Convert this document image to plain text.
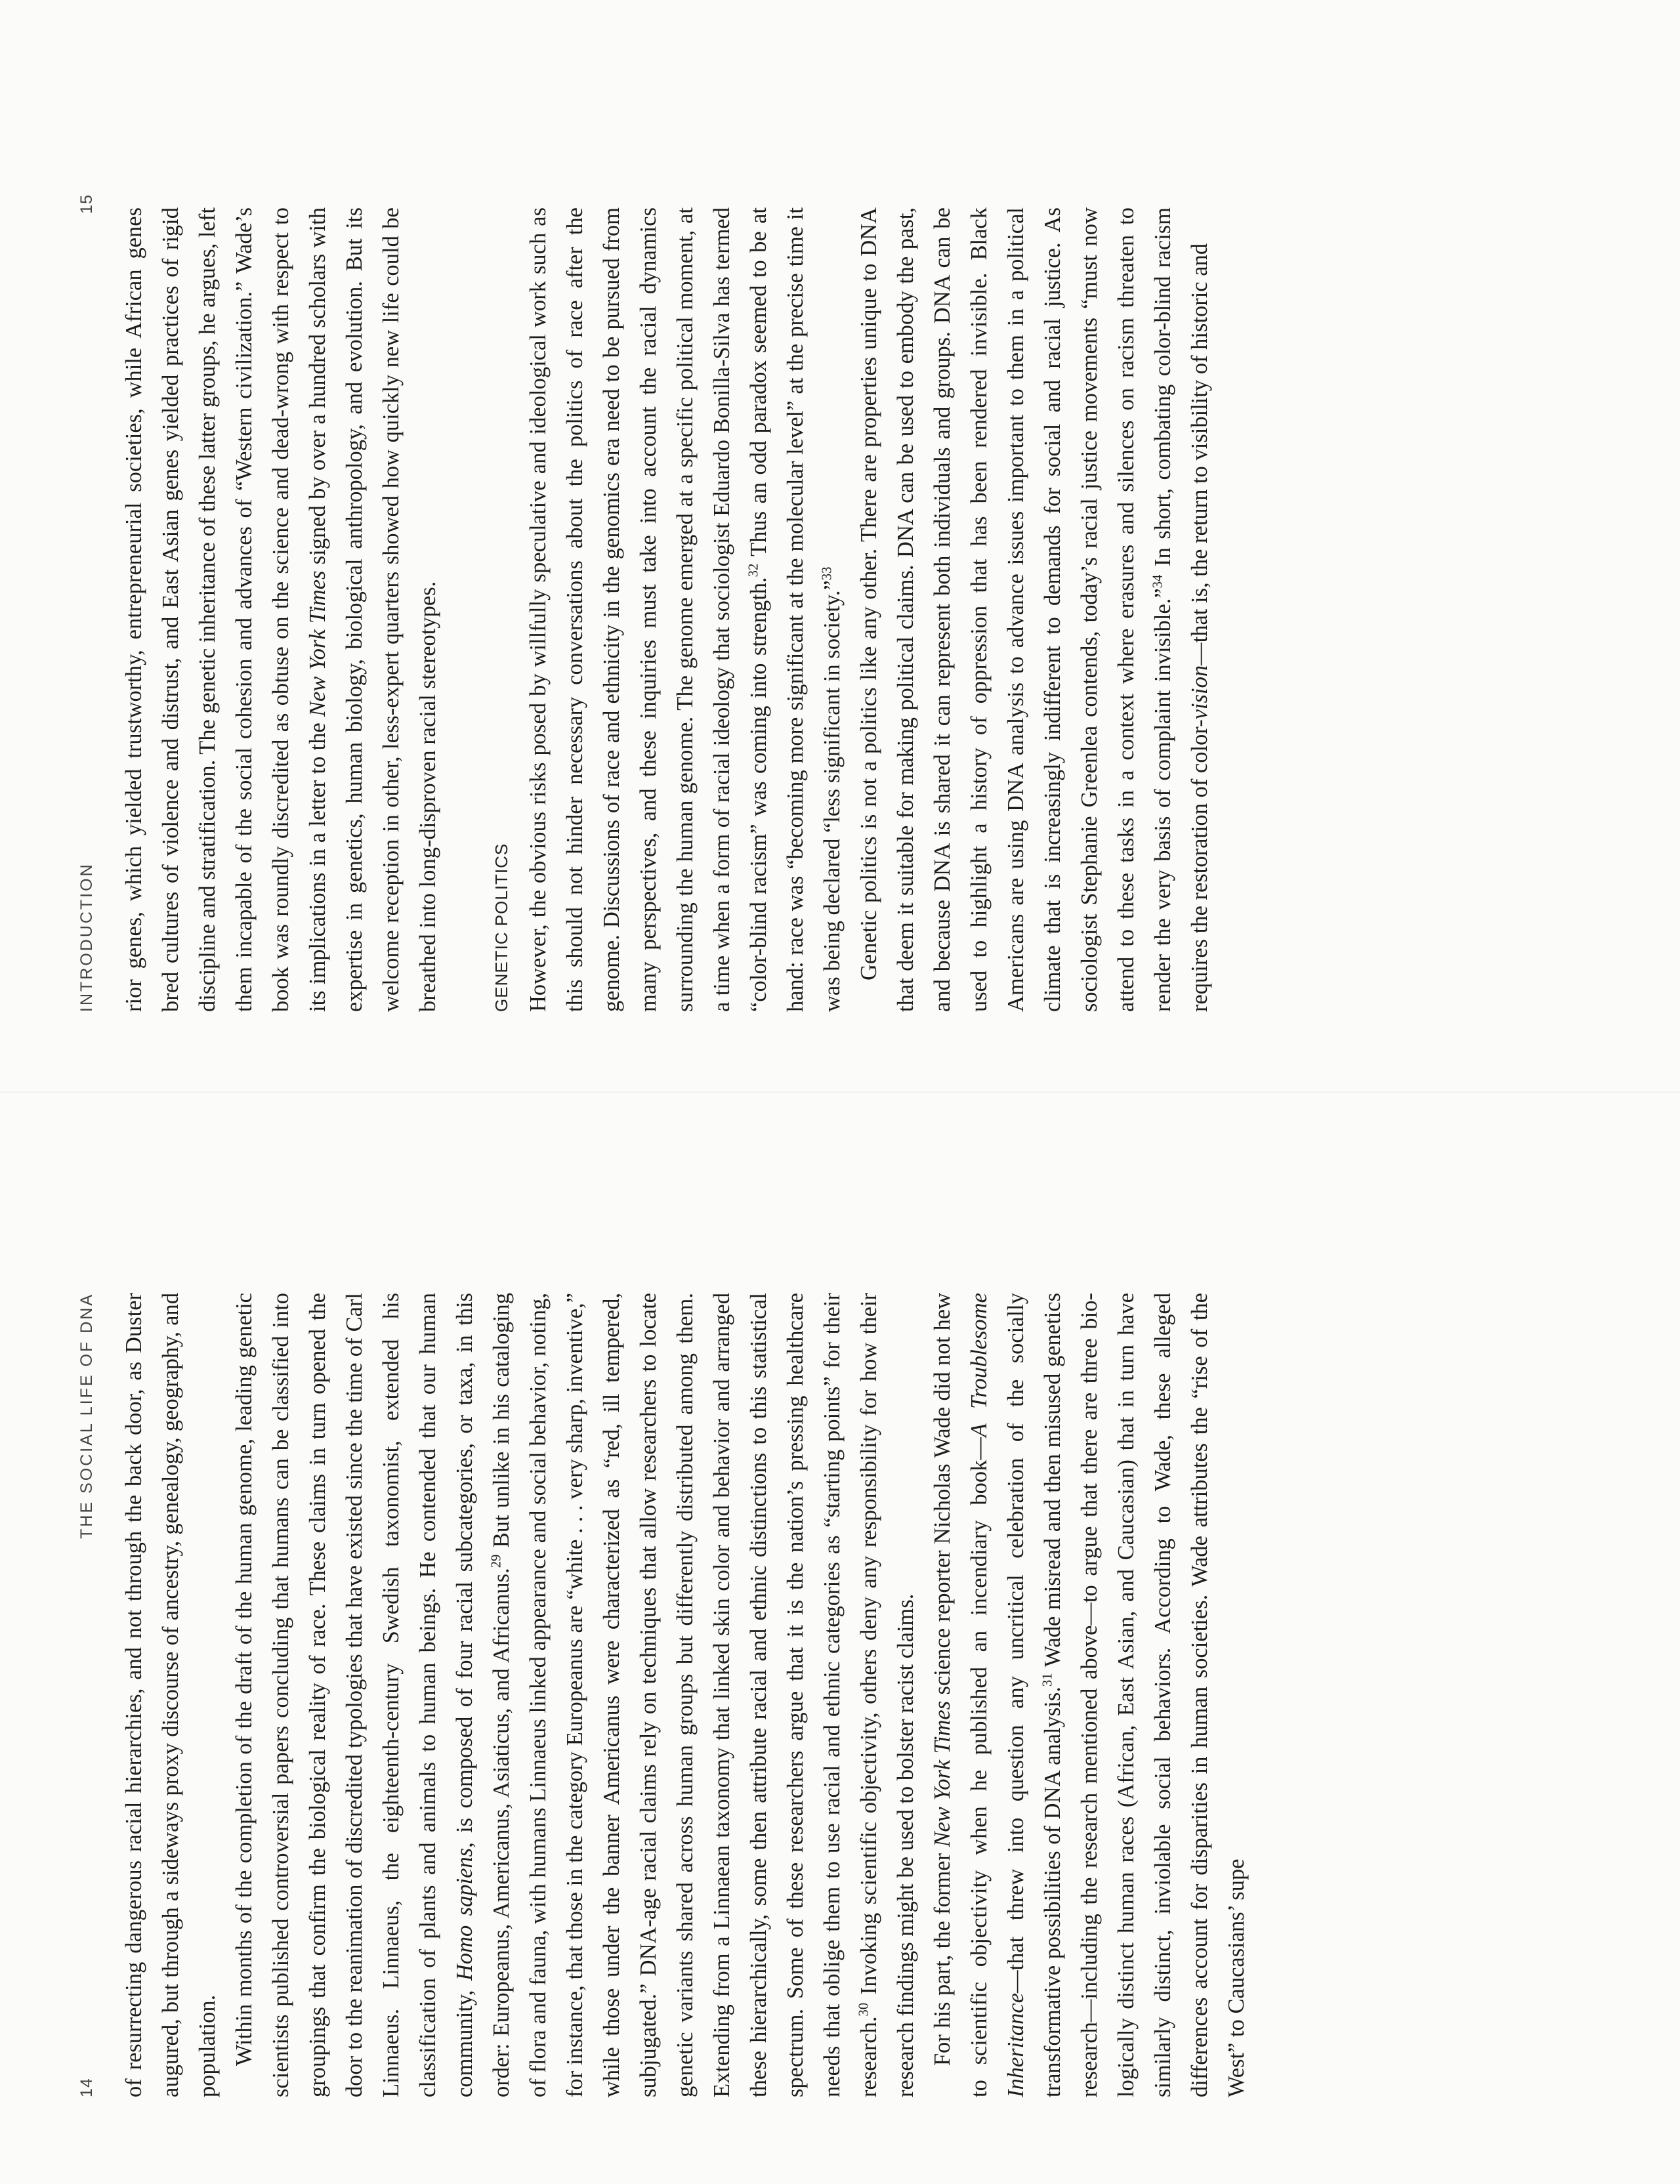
14
THE SOCIAL LIFE OF DNA of resurrecting dangerous racial hierarchies, and not through the back door, as Duster augured, but through a sideways proxy discourse of ancestry, genealogy, geography, and population. Within months of the completion of the draft of the human genome, leading genetic scientists published controversial papers concluding that humans can be classified into groupings that confirm the biological reality of race. These claims in turn opened the door to the reanimation of discredited typologies that have existed since the time of Carl Linnaeus. Linnaeus, the eighteenth-century Swedish taxonomist, extended his classification of plants and animals to human beings. He contended that our human community, Homo sapiens, is composed of four racial subcategories, or taxa, in this order: Europeanus, Americanus, Asiaticus, and Africanus.$^{29}$ But unlike in his cataloging of flora and fauna, with humans Linnaeus linked appearance and social behavior, noting, for instance, that those in the category Europeanus are “white . . . very sharp, inventive,” while those under the banner Americanus were characterized as “red, ill tempered, subjugated.” DNA-age racial claims rely on techniques that allow researchers to locate genetic variants shared across human groups but differently distributed among them. Extending from a Linnaean taxonomy that linked skin color and behavior and arranged these hierarchically, some then attribute racial and ethnic distinctions to this statistical spectrum. Some of these researchers argue that it is the nation’s pressing healthcare needs that oblige them to use racial and ethnic categories as “starting points” for their research.$^{30}$ Invoking scientific objectivity, others deny any responsibility for how their research findings might be used to bolster racist claims. For his part, the former New York Times science reporter Nicholas Wade did not hew to scientific objectivity when he published an incendiary book—A Troublesome Inheritance—that threw into question any uncritical celebration of the socially transformative possibilities of DNA analysis.$^{31}$ Wade misread and then misused genetics research—including the research mentioned above—to argue that there are three biologically distinct human races (African, East Asian, and Caucasian) that in turn have similarly distinct, inviolable social behaviors. According to Wade, these alleged differences account for disparities in human societies. Wade attributes the “rise of the West” to Caucasians’ supe

INTRODUCTION
15

rior genes, which yielded trustworthy, entrepreneurial societies, while African genes bred cultures of violence and distrust, and East Asian genes yielded practices of rigid discipline and stratification. The genetic inheritance of these latter groups, he argues, left them incapable of the social cohesion and advances of “Western civilization.” Wade’s book was roundly discredited as obtuse on the science and dead-wrong with respect to its implications in a letter to the New York Times signed by over a hundred scholars with expertise in genetics, human biology, biological anthropology, and evolution. But its welcome reception in other, less-expert quarters showed how quickly new life could be breathed into long-disproven racial stereotypes.	GENETIC POLITICS However, the obvious risks posed by willfully speculative and ideological work such as this should not hinder necessary conversations about the politics of race after the genome. Discussions of race and ethnicity in the genomics era need to be pursued from many perspectives, and these inquiries must take into account the racial dynamics surrounding the human genome. The genome emerged at a specific political moment, at a time when a form of racial ideology that sociologist Eduardo Bonilla-Silva has termed “color-blind racism” was coming into strength.$^{32}$ Thus an odd paradox seemed to be at hand: race was “becoming more significant at the molecular level” at the precise time it was being declared “less significant in society.”$^{33}$ Genetic politics is not a politics like any other. There are properties unique to DNA that deem it suitable for making political claims. DNA can be used to embody the past, and because DNA is shared it can represent both individuals and groups. DNA can be used to highlight a history of oppression that has been rendered invisible. Black Americans are using DNA analysis to advance issues important to them in a political climate that is increasingly indifferent to demands for social and racial justice. As sociologist Stephanie Greenlea contends, today’s racial justice movements “must now attend to these tasks in a context where erasures and silences on racism threaten to render the very basis of complaint invisible.”$^{34}$ In short, combating color-blind racism requires the restoration of color-vision—that is, the return to visibility of historic and
